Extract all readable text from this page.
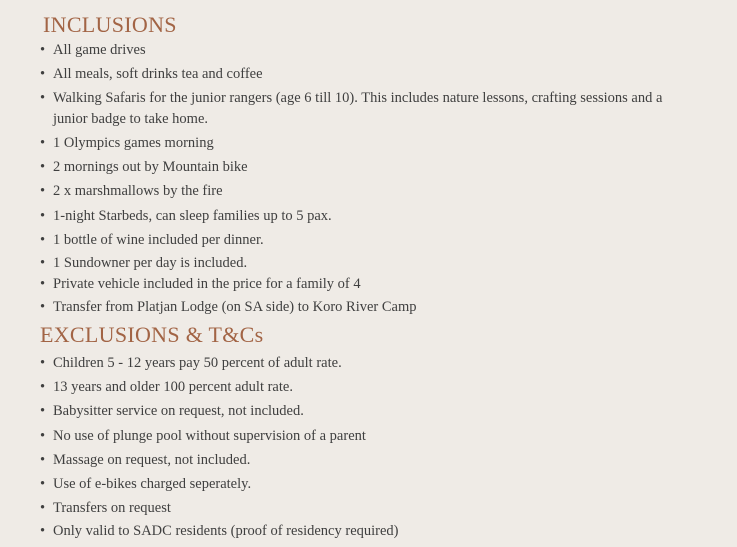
INCLUSIONS
• All game drives
• All meals, soft drinks tea and coffee
• Walking Safaris for the junior rangers (age 6 till 10). This includes nature lessons, crafting sessions and a junior badge to take home.
• 1 Olympics games morning
• 2 mornings out by Mountain bike
• 2 x marshmallows by the fire
• 1-night Starbeds, can sleep families up to 5 pax.
• 1 bottle of wine included per dinner.
• 1 Sundowner per day is included.
• Private vehicle included in the price for a family of 4
• Transfer from Platjan Lodge (on SA side) to Koro River Camp
EXCLUSIONS & T&Cs
• Children 5 - 12 years pay 50 percent of adult rate.
• 13 years and older 100 percent adult rate.
• Babysitter service on request, not included.
• No use of plunge pool without supervision of a parent
• Massage on request, not included.
• Use of e-bikes charged seperately.
• Transfers on request
• Only valid to SADC residents (proof of residency required)
